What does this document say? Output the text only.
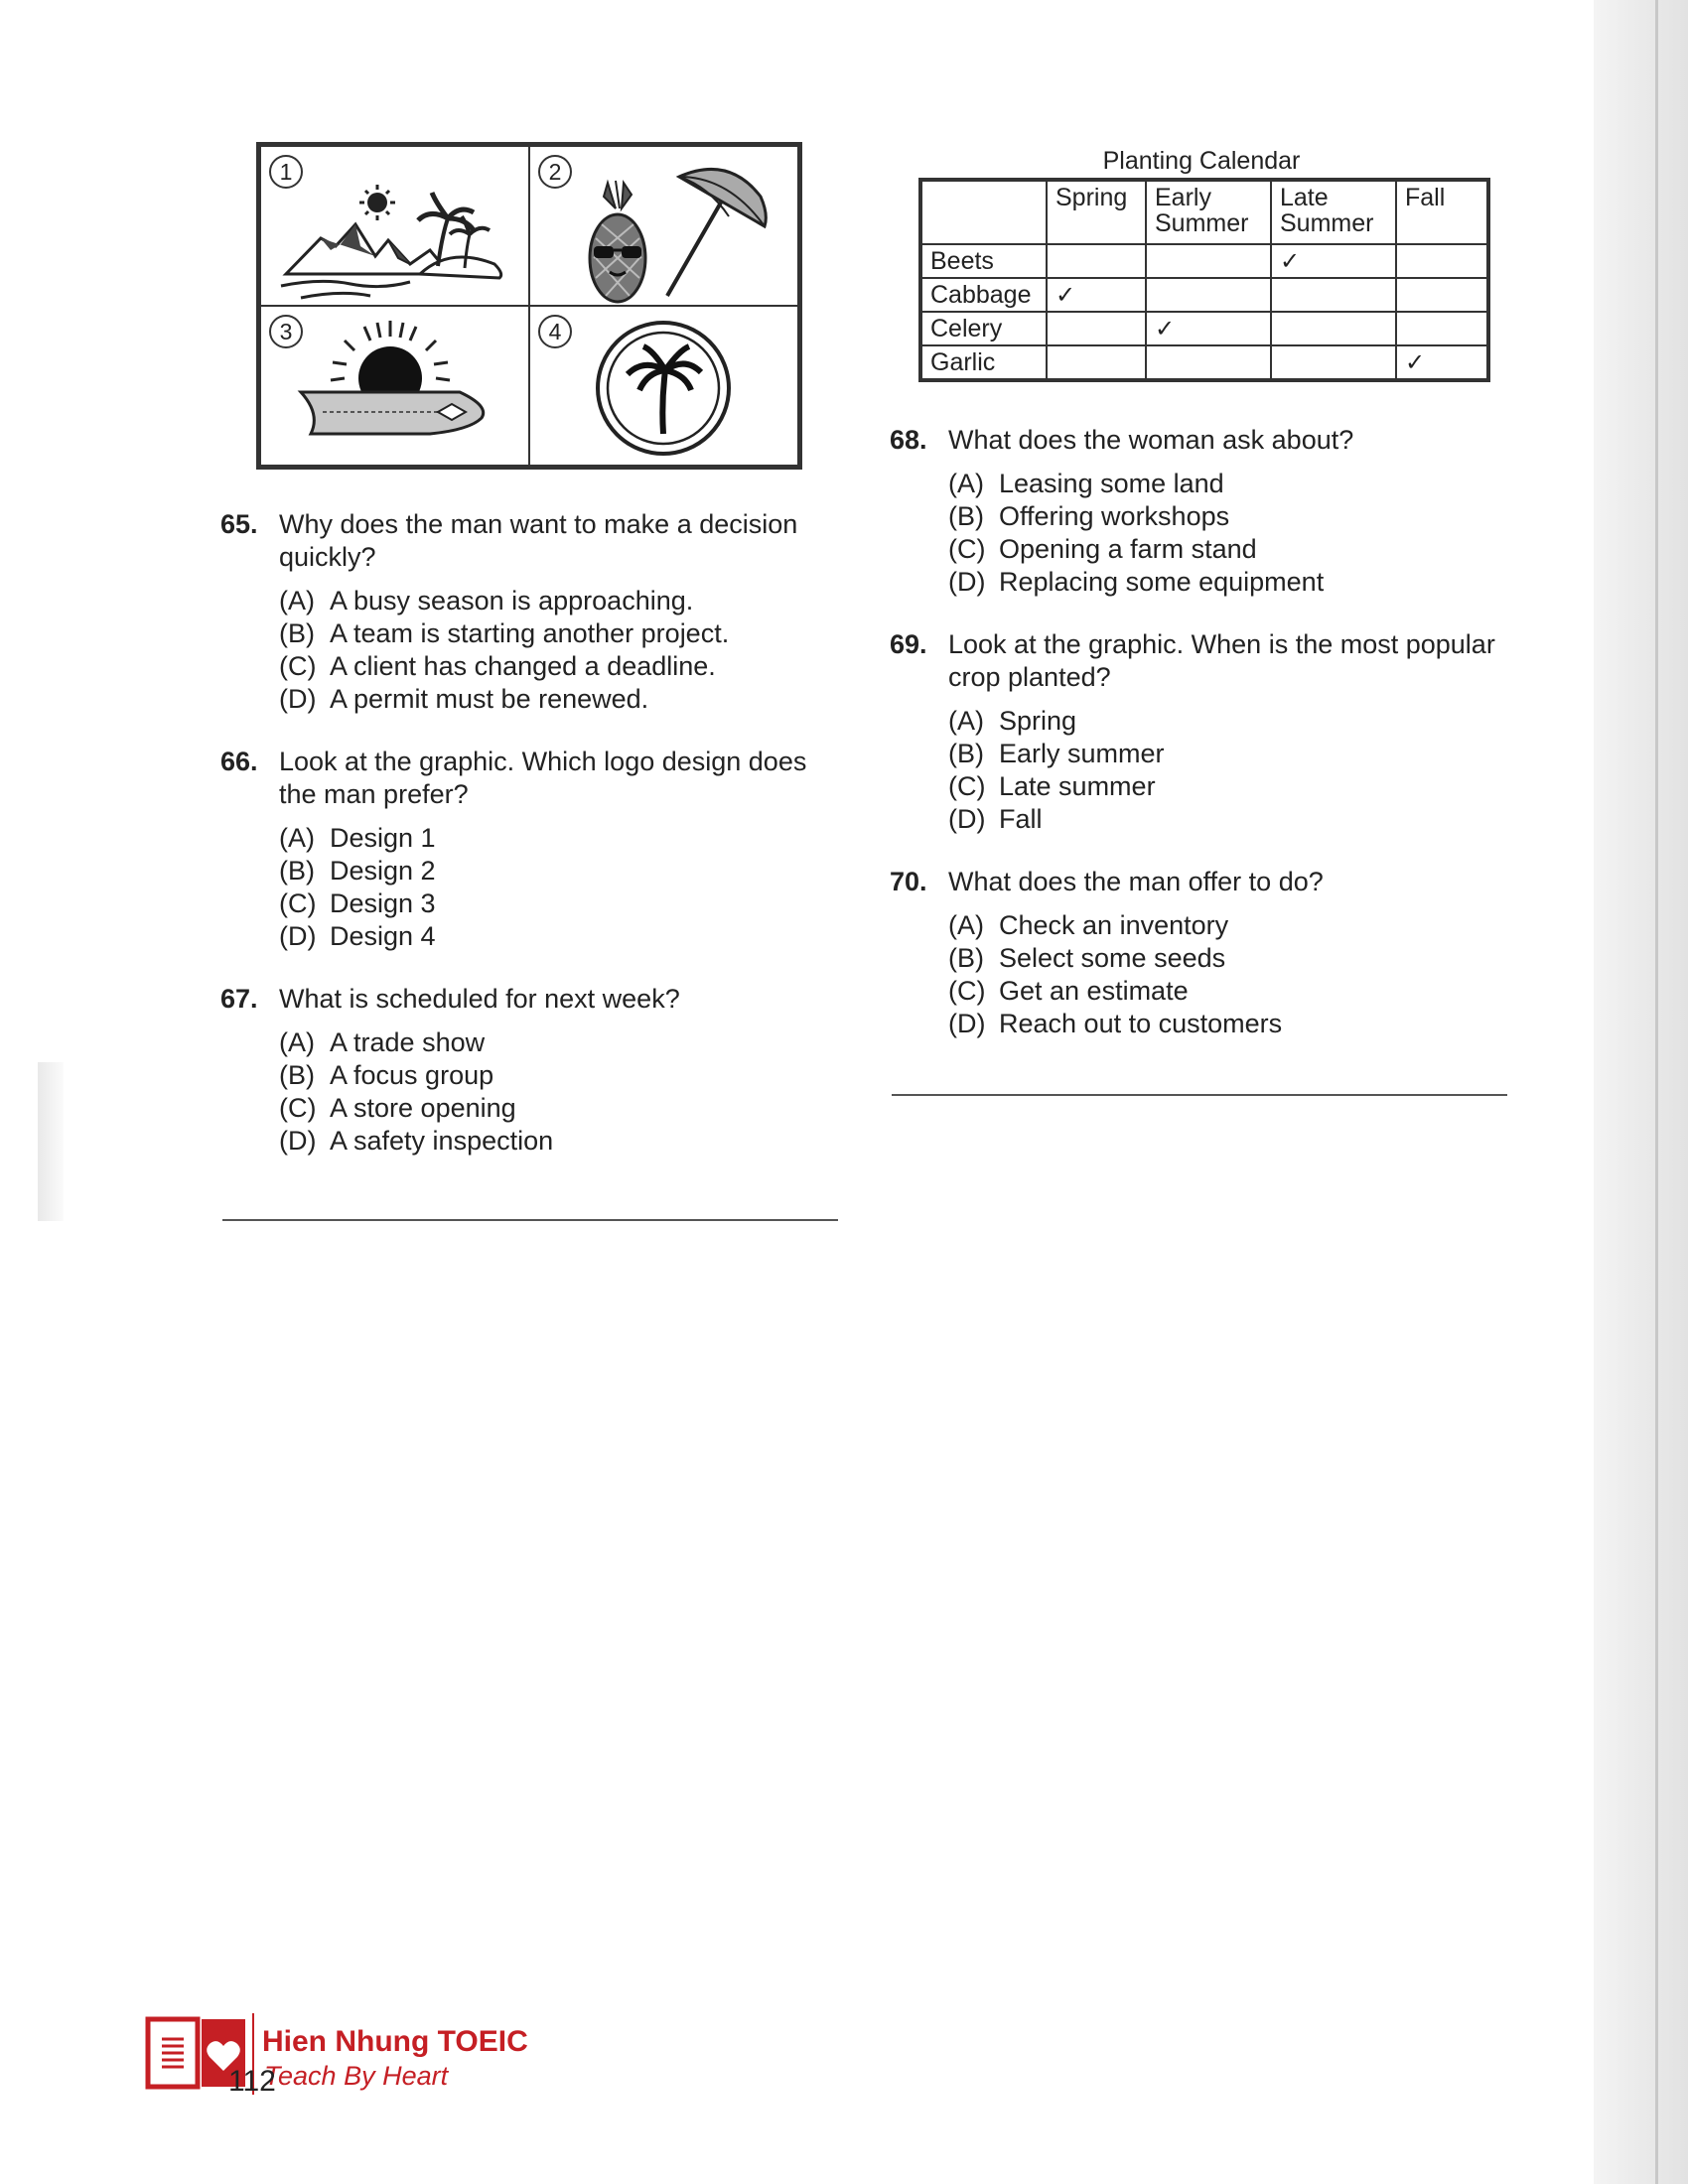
1	2
3	4
65. Why does the man want to make a decision quickly?
(A) A busy season is approaching.
(B) A team is starting another project.
(C) A client has changed a deadline.
(D) A permit must be renewed.
66. Look at the graphic. Which logo design does the man prefer?
(A) Design 1
(B) Design 2
(C) Design 3
(D) Design 4
67. What is scheduled for next week?
(A) A trade show
(B) A focus group
(C) A store opening
(D) A safety inspection
Planting Calendar
	Spring	Early Summer	Late Summer	Fall
Beets			✓	
Cabbage	✓			
Celery		✓		
Garlic				✓
68. What does the woman ask about?
(A) Leasing some land
(B) Offering workshops
(C) Opening a farm stand
(D) Replacing some equipment
69. Look at the graphic. When is the most popular crop planted?
(A) Spring
(B) Early summer
(C) Late summer
(D) Fall
70. What does the man offer to do?
(A) Check an inventory
(B) Select some seeds
(C) Get an estimate
(D) Reach out to customers
Hien Nhung TOEIC
Teach By Heart
112
